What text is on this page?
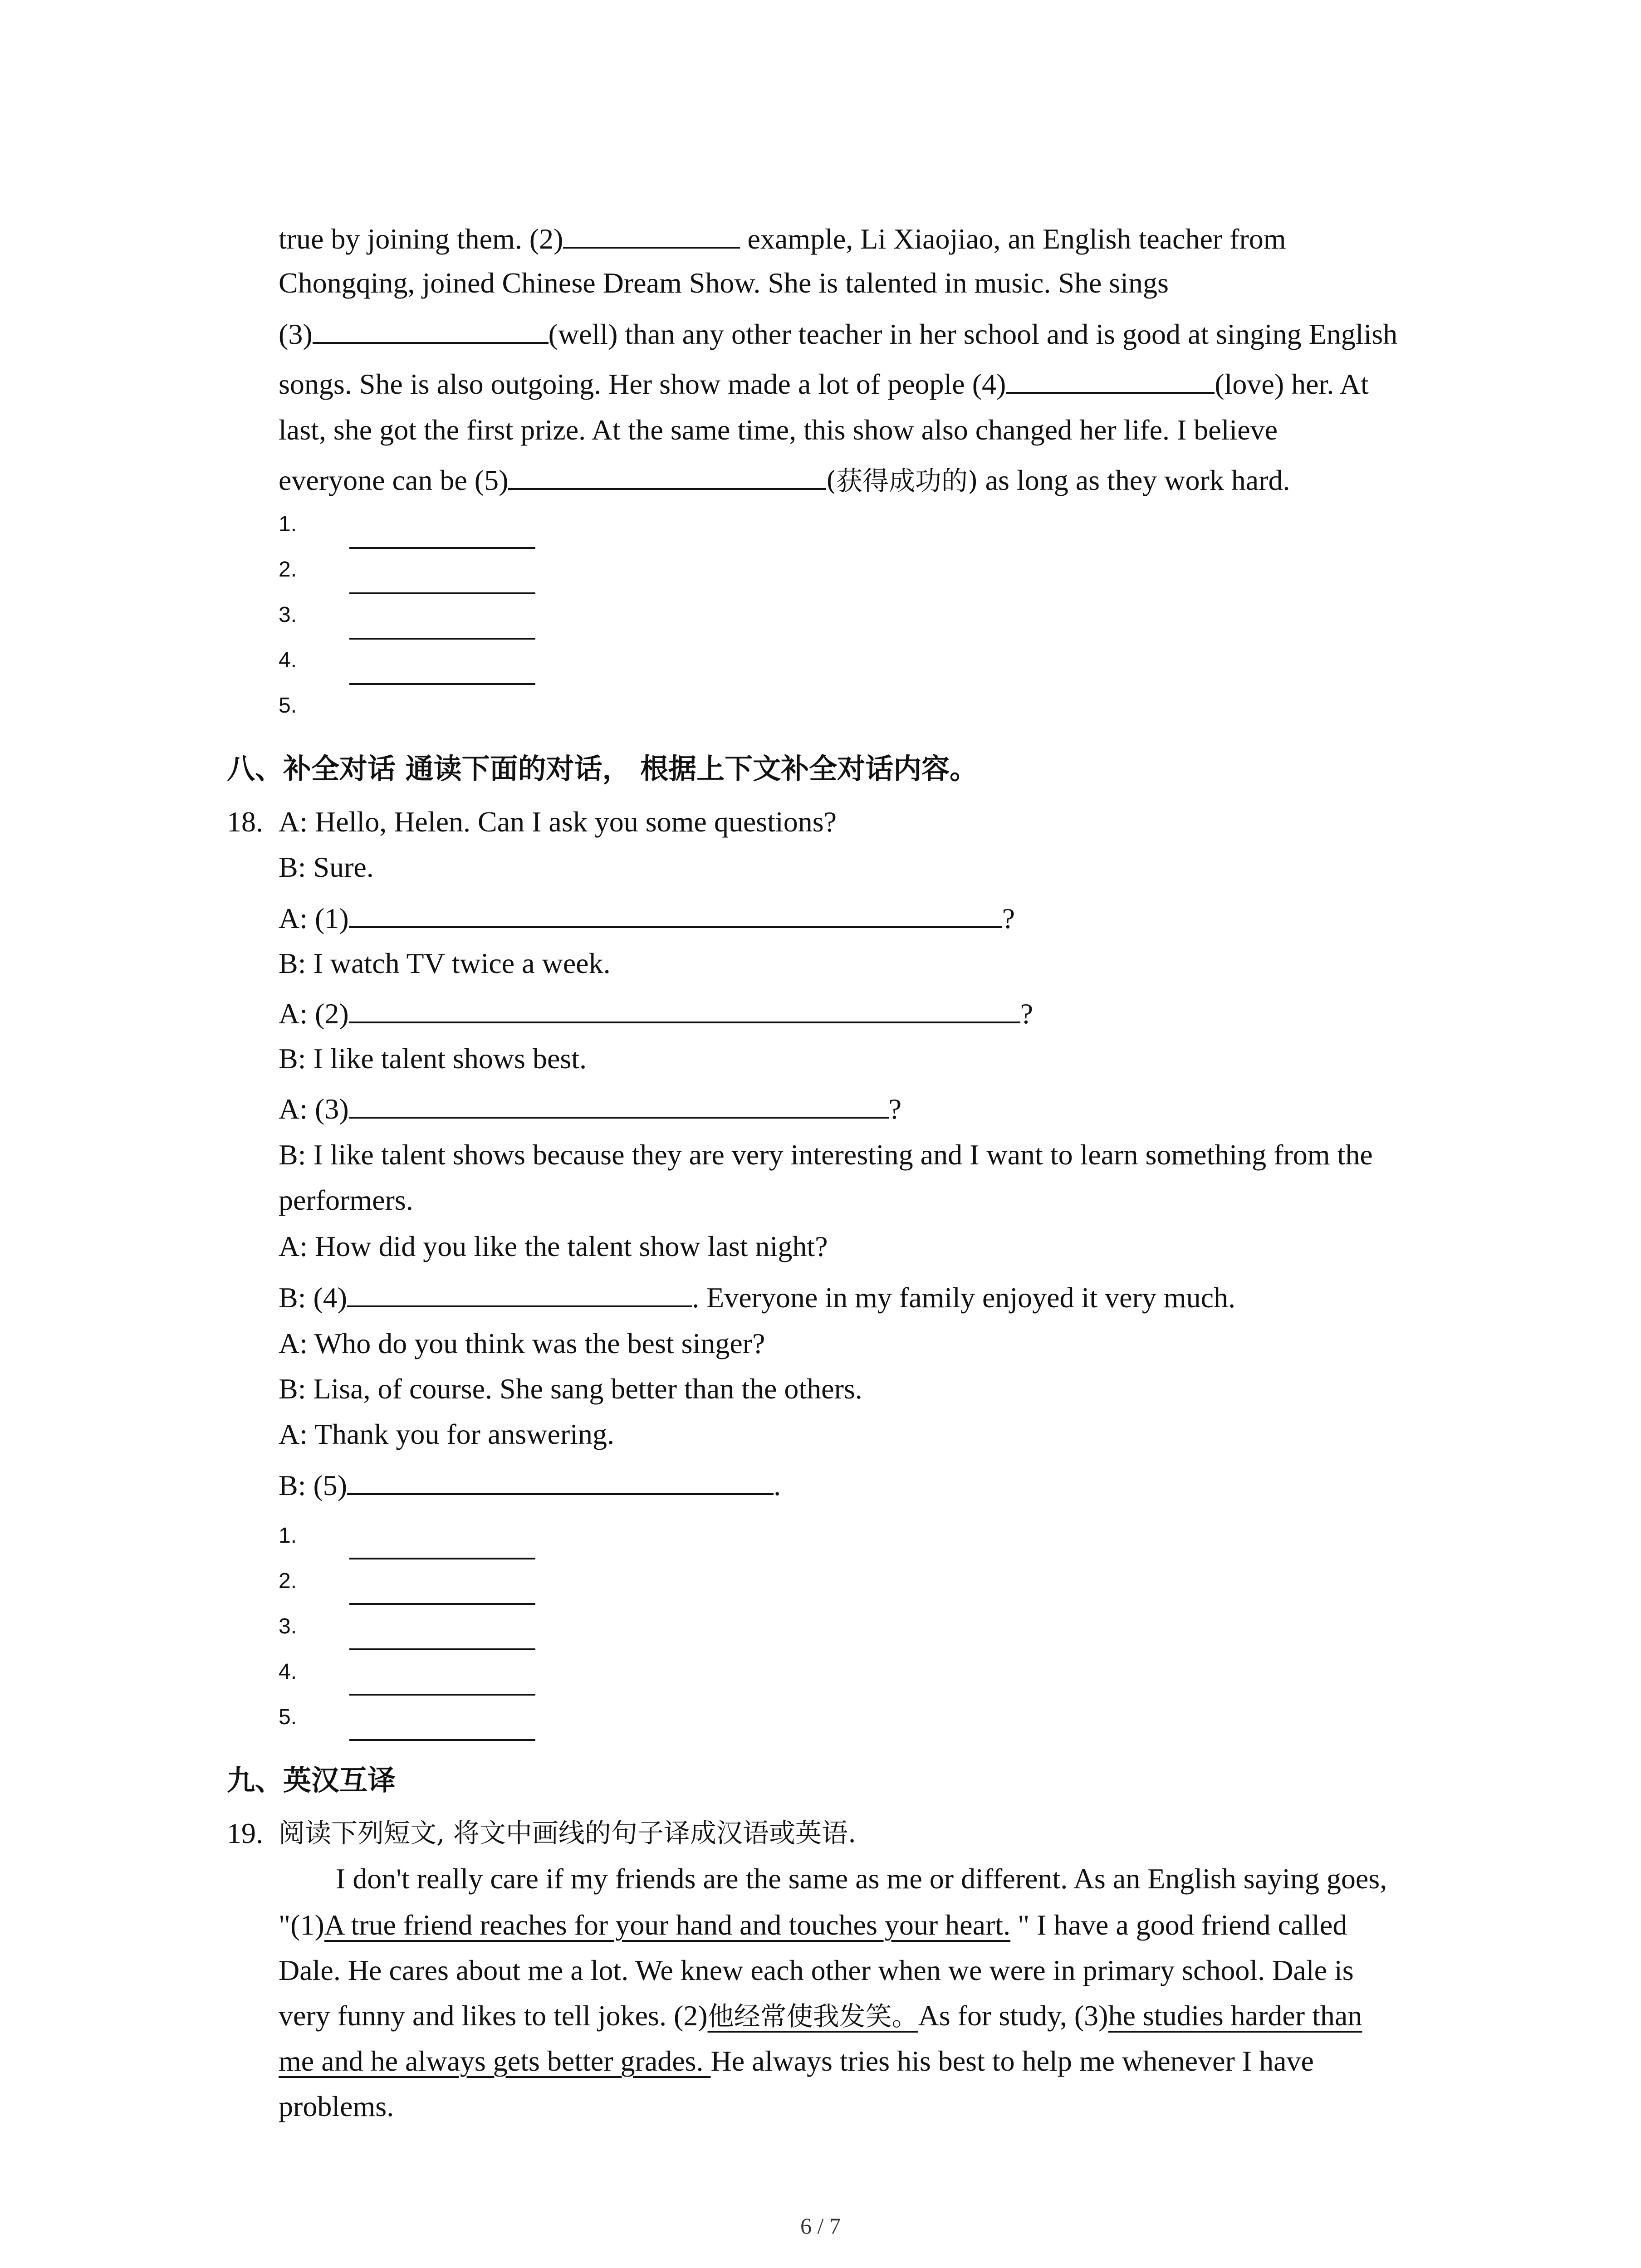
true by joining them. (2)	example, Li Xiaojiao, an English teacher from
Chongqing, joined Chinese Dream Show. She is talented in music. She sings
(3)	(well) than any other teacher in her school and is good at singing English
songs. She is also outgoing. Her show made a lot of people (4)	(love) her. At
last, she got the first prize. At the same time, this show also changed her life. I believe
everyone can be (5)	(获得成功的) as long as they work hard.
1.
2.
3.
4.
5.
八、补全对话 通读下面的对话， 根据上下文补全对话内容。
18. A: Hello, Helen. Can I ask you some questions?
B: Sure.
A: (1)	?
B: I watch TV twice a week.
A: (2)	?
B: I like talent shows best.
A: (3)	?
B: I like talent shows because they are very interesting and I want to learn something from the
performers.
A: How did you like the talent show last night?
B: (4)	. Everyone in my family enjoyed it very much.
A: Who do you think was the best singer?
B: Lisa, of course. She sang better than the others.
A: Thank you for answering.
B: (5)	.
1.
2.
3.
4.
5.
九、英汉互译
19. 阅读下列短文, 将文中画线的句子译成汉语或英语.
I don't really care if my friends are the same as me or different. As an English saying goes,
"(1)A true friend reaches for your hand and touches your heart. " I have a good friend called
Dale. He cares about me a lot. We knew each other when we were in primary school. Dale is
very funny and likes to tell jokes. (2)他经常使我发笑。As for study, (3)he studies harder than
me and he always gets better grades. He always tries his best to help me whenever I have
problems.
6 / 7
